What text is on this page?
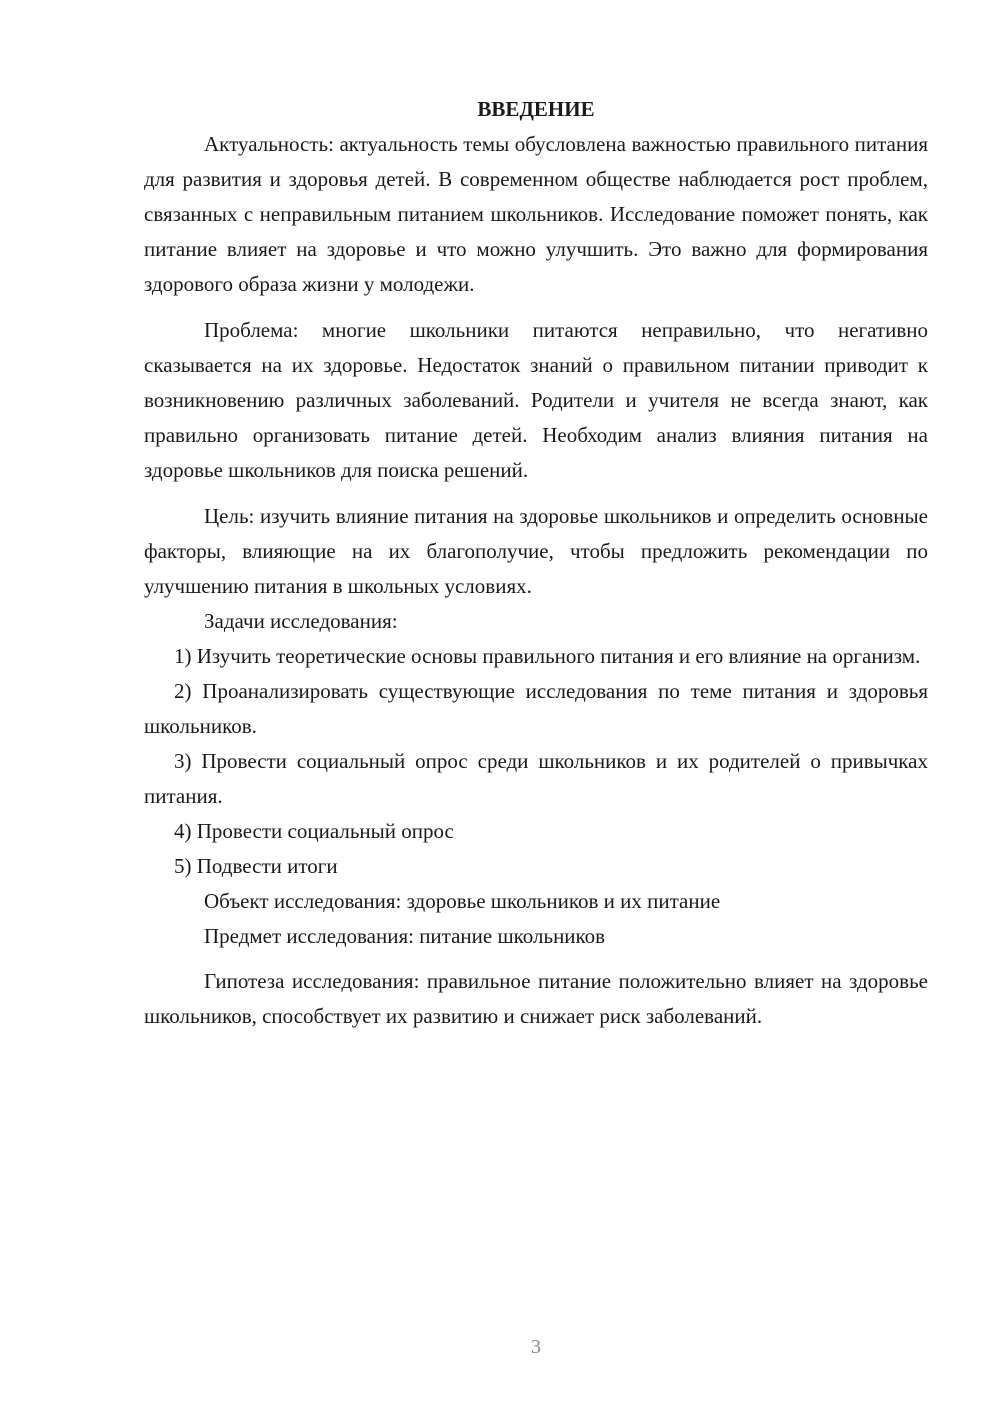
ВВЕДЕНИЕ

Актуальность: актуальность темы обусловлена важностью правильного питания для развития и здоровья детей. В современном обществе наблюдается рост проблем, связанных с неправильным питанием школьников. Исследование поможет понять, как питание влияет на здоровье и что можно улучшить. Это важно для формирования здорового образа жизни у молодежи.

Проблема: многие школьники питаются неправильно, что негативно сказывается на их здоровье. Недостаток знаний о правильном питании приводит к возникновению различных заболеваний. Родители и учителя не всегда знают, как правильно организовать питание детей. Необходим анализ влияния питания на здоровье школьников для поиска решений.

Цель: изучить влияние питания на здоровье школьников и определить основные факторы, влияющие на их благополучие, чтобы предложить рекомендации по улучшению питания в школьных условиях.

Задачи исследования:

1) Изучить теоретические основы правильного питания и его влияние на организм.

2) Проанализировать существующие исследования по теме питания и здоровья школьников.

3) Провести социальный опрос среди школьников и их родителей о привычках питания.

4) Провести социальный опрос

5) Подвести итоги

Объект исследования: здоровье школьников и их питание

Предмет исследования: питание школьников

Гипотеза исследования: правильное питание положительно влияет на здоровье школьников, способствует их развитию и снижает риск заболеваний.

3
